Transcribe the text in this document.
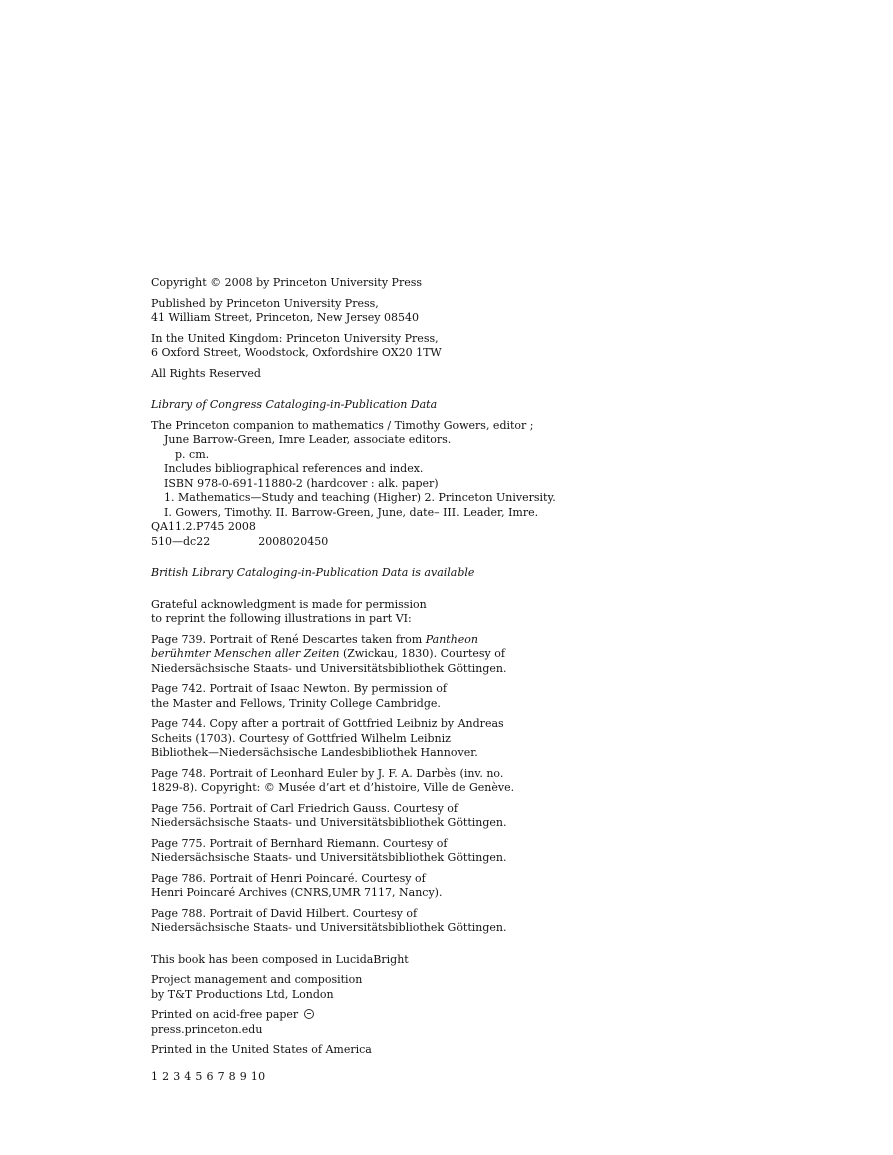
Copyright © 2008 by Princeton University Press

Published by Princeton University Press,
41 William Street, Princeton, New Jersey 08540

In the United Kingdom: Princeton University Press,
6 Oxford Street, Woodstock, Oxfordshire OX20 1TW

All Rights Reserved

Library of Congress Cataloging-in-Publication Data

The Princeton companion to mathematics / Timothy Gowers, editor ;
June Barrow-Green, Imre Leader, associate editors.
p. cm.
Includes bibliographical references and index.
ISBN 978-0-691-11880-2 (hardcover : alk. paper)
1. Mathematics—Study and teaching (Higher) 2. Princeton University.
I. Gowers, Timothy. II. Barrow-Green, June, date– III. Leader, Imre.

QA11.2.P745 2008
510—dc22	2008020450

British Library Cataloging-in-Publication Data is available

Grateful acknowledgment is made for permission
to reprint the following illustrations in part VI:

Page 739. Portrait of René Descartes taken from Pantheon
berühmter Menschen aller Zeiten (Zwickau, 1830). Courtesy of
Niedersächsische Staats- und Universitätsbibliothek Göttingen.

Page 742. Portrait of Isaac Newton. By permission of
the Master and Fellows, Trinity College Cambridge.

Page 744. Copy after a portrait of Gottfried Leibniz by Andreas
Scheits (1703). Courtesy of Gottfried Wilhelm Leibniz
Bibliothek—Niedersächsische Landesbibliothek Hannover.

Page 748. Portrait of Leonhard Euler by J. F. A. Darbès (inv. no.
1829-8). Copyright: © Musée d’art et d’histoire, Ville de Genève.

Page 756. Portrait of Carl Friedrich Gauss. Courtesy of
Niedersächsische Staats- und Universitätsbibliothek Göttingen.

Page 775. Portrait of Bernhard Riemann. Courtesy of
Niedersächsische Staats- und Universitätsbibliothek Göttingen.

Page 786. Portrait of Henri Poincaré. Courtesy of
Henri Poincaré Archives (CNRS,UMR 7117, Nancy).

Page 788. Portrait of David Hilbert. Courtesy of
Niedersächsische Staats- und Universitätsbibliothek Göttingen.

This book has been composed in LucidaBright

Project management and composition
by T&T Productions Ltd, London

Printed on acid-free paper
press.princeton.edu

Printed in the United States of America

1 2 3 4 5 6 7 8 9 10
